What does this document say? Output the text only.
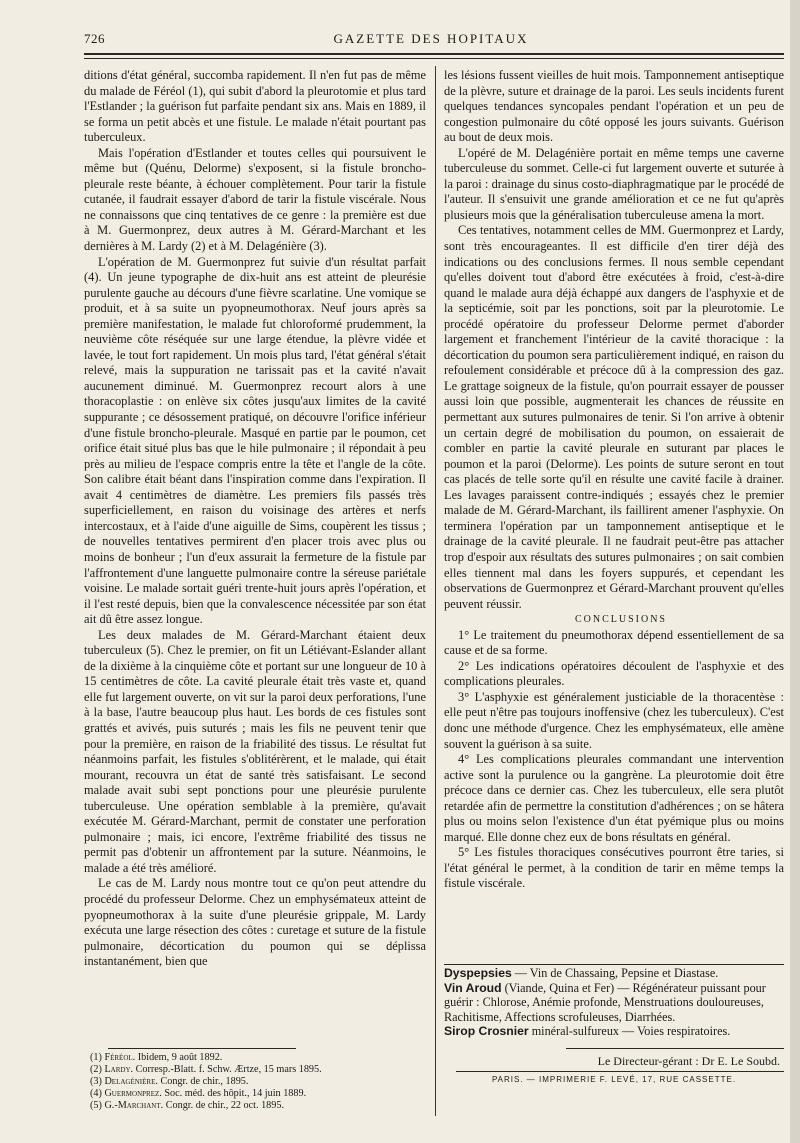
726	GAZETTE DES HOPITAUX

ditions d'état général, succomba rapidement. Il n'en fut pas de même du malade de Féréol (1), qui subit d'abord la pleurotomie et plus tard l'Estlander ; la guérison fut parfaite pendant six ans. Mais en 1889, il se forma un petit abcès et une fistule. Le malade n'était pourtant pas tuberculeux.

Mais l'opération d'Estlander et toutes celles qui poursuivent le même but (Quénu, Delorme) s'exposent, si la fistule broncho-pleurale reste béante, à échouer complètement. Pour tarir la fistule cutanée, il faudrait essayer d'abord de tarir la fistule viscérale. Nous ne connaissons que cinq tentatives de ce genre : la première est due à M. Guermonprez, deux autres à M. Gérard-Marchant et les dernières à M. Lardy (2) et à M. Delagénière (3).

L'opération de M. Guermonprez fut suivie d'un résultat parfait (4). Un jeune typographe de dix-huit ans est atteint de pleurésie purulente gauche au décours d'une fièvre scarlatine. Une vomique se produit, et à sa suite un pyopneumothorax. Neuf jours après sa première manifestation, le malade fut chloroformé prudemment, la neuvième côte réséquée sur une large étendue, la plèvre vidée et lavée, le tout fort rapidement. Un mois plus tard, l'état général s'était relevé, mais la suppuration ne tarissait pas et la cavité n'avait aucunement diminué. M. Guermonprez recourt alors à une thoracoplastie : on enlève six côtes jusqu'aux limites de la cavité suppurante ; ce désossement pratiqué, on découvre l'orifice inférieur d'une fistule broncho-pleurale. Masqué en partie par le poumon, cet orifice était situé plus bas que le hile pulmonaire ; il répondait à peu près au milieu de l'espace compris entre la tête et l'angle de la côte. Son calibre était béant dans l'inspiration comme dans l'expiration. Il avait 4 centimètres de diamètre. Les premiers fils passés très superficiellement, en raison du voisinage des artères et nerfs intercostaux, et à l'aide d'une aiguille de Sims, coupèrent les tissus ; de nouvelles tentatives permirent d'en placer trois avec plus ou moins de bonheur ; l'un d'eux assurait la fermeture de la fistule par l'affrontement d'une languette pulmonaire contre la séreuse pariétale voisine. Le malade sortait guéri trente-huit jours après l'opération, et il l'est resté depuis, bien que la convalescence nécessitée par son état ait dû être assez longue.

Les deux malades de M. Gérard-Marchant étaient deux tuberculeux (5). Chez le premier, on fit un Létiévant-Eslander allant de la dixième à la cinquième côte et portant sur une longueur de 10 à 15 centimètres de côte. La cavité pleurale était très vaste et, quand elle fut largement ouverte, on vit sur la paroi deux perforations, l'une à la base, l'autre beaucoup plus haut. Les bords de ces fistules sont grattés et avivés, puis suturés ; mais les fils ne peuvent tenir que pour la première, en raison de la friabilité des tissus. Le résultat fut néanmoins parfait, les fistules s'oblitérèrent, et le malade, qui était mourant, recouvra un état de santé très satisfaisant. Le second malade avait subi sept ponctions pour une pleurésie purulente tuberculeuse. Une opération semblable à la première, qu'avait exécutée M. Gérard-Marchant, permit de constater une perforation pulmonaire ; mais, ici encore, l'extrême friabilité des tissus ne permit pas d'obtenir un affrontement par la suture. Néanmoins, le malade a été très amélioré.

Le cas de M. Lardy nous montre tout ce qu'on peut attendre du procédé du professeur Delorme. Chez un emphysémateux atteint de pyopneumothorax à la suite d'une pleurésie grippale, M. Lardy exécuta une large résection des côtes : curetage et suture de la fistule pulmonaire, décortication du poumon qui se déplissa instantanément, bien que

(1) Féréol. Ibidem, 9 août 1892.
(2) Lardy. Corresp.-Blatt. f. Schw. Ærtze, 15 mars 1895.
(3) Delagénière. Congr. de chir., 1895.
(4) Guermonprez. Soc. méd. des hôpit., 14 juin 1889.
(5) G.-Marchant. Congr. de chir., 22 oct. 1895.

les lésions fussent vieilles de huit mois. Tamponnement antiseptique de la plèvre, suture et drainage de la paroi. Les seuls incidents furent quelques tendances syncopales pendant l'opération et un peu de congestion pulmonaire du côté opposé les jours suivants. Guérison au bout de deux mois.

L'opéré de M. Delagénière portait en même temps une caverne tuberculeuse du sommet. Celle-ci fut largement ouverte et suturée à la paroi : drainage du sinus costo-diaphragmatique par le procédé de l'auteur. Il s'ensuivit une grande amélioration et ce ne fut qu'après plusieurs mois que la généralisation tuberculeuse amena la mort.

Ces tentatives, notamment celles de MM. Guermonprez et Lardy, sont très encourageantes. Il est difficile d'en tirer déjà des indications ou des conclusions fermes. Il nous semble cependant qu'elles doivent tout d'abord être exécutées à froid, c'est-à-dire quand le malade aura déjà échappé aux dangers de l'asphyxie et de la septicémie, soit par les ponctions, soit par la pleurotomie. Le procédé opératoire du professeur Delorme permet d'aborder largement et franchement l'intérieur de la cavité thoracique : la décortication du poumon sera particulièrement indiqué, en raison du refoulement considérable et précoce dû à la compression des gaz. Le grattage soigneux de la fistule, qu'on pourrait essayer de pousser aussi loin que possible, augmenterait les chances de réussite en permettant aux sutures pulmonaires de tenir. Si l'on arrive à obtenir un certain degré de mobilisation du poumon, on essaierait de combler en partie la cavité pleurale en suturant par places le poumon et la paroi (Delorme). Les points de suture seront en tout cas placés de telle sorte qu'il en résulte une cavité facile à drainer. Les lavages paraissent contre-indiqués ; essayés chez le premier malade de M. Gérard-Marchant, ils faillirent amener l'asphyxie. On terminera l'opération par un tamponnement antiseptique et le drainage de la cavité pleurale. Il ne faudrait peut-être pas attacher trop d'espoir aux résultats des sutures pulmonaires ; on sait combien elles tiennent mal dans les foyers suppurés, et cependant les observations de Guermonprez et Gérard-Marchant prouvent qu'elles peuvent réussir.

CONCLUSIONS

1° Le traitement du pneumothorax dépend essentiellement de sa cause et de sa forme.

2° Les indications opératoires découlent de l'asphyxie et des complications pleurales.

3° L'asphyxie est généralement justiciable de la thoracentèse : elle peut n'être pas toujours inoffensive (chez les tuberculeux). C'est donc une méthode d'urgence. Chez les emphysémateux, elle amène souvent la guérison à sa suite.

4° Les complications pleurales commandant une intervention active sont la purulence ou la gangrène. La pleurotomie doit être précoce dans ce dernier cas. Chez les tuberculeux, elle sera plutôt retardée afin de permettre la constitution d'adhérences ; on se hâtera plus ou moins selon l'existence d'un état pyémique plus ou moins marqué. Elle donne chez eux de bons résultats en général.

5° Les fistules thoraciques consécutives pourront être taries, si l'état général le permet, à la condition de tarir en même temps la fistule viscérale.

Dyspepsies — Vin de Chassaing, Pepsine et Diastase.
Vin Aroud (Viande, Quina et Fer) — Régénérateur puissant pour guérir : Chlorose, Anémie profonde, Menstruations douloureuses, Rachitisme, Affections scrofuleuses, Diarrhées.
Sirop Crosnier minéral-sulfureux — Voies respiratoires.
Le Directeur-gérant : Dr E. Le Soubd.
PARIS. — IMPRIMERIE F. LEVÉ, 17, RUE CASSETTE.
